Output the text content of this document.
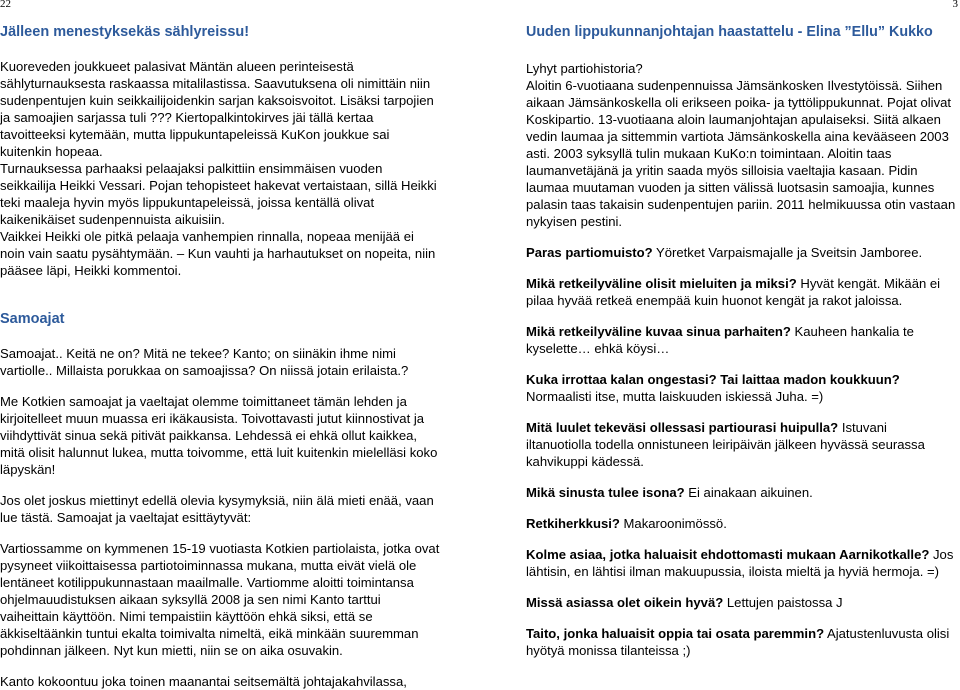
22	3
Jälleen menestyksekäs sählyreissu!

Kuoreveden joukkueet palasivat Mäntän alueen perinteisestä sählyturnauksesta raskaassa mitalilastissa. Saavutuksena oli nimittäin niin sudenpentujen kuin seikkailijoidenkin sarjan kaksoisvoitot. Lisäksi tarpojien ja samoajien sarjassa tuli ??? Kiertopalkintokirves jäi tällä kertaa tavoitteeksi kytemään, mutta lippukuntapeleissä KuKon joukkue sai kuitenkin hopeaa.

Turnauksessa parhaaksi pelaajaksi palkittiin ensimmäisen vuoden seikkailija Heikki Vessari. Pojan tehopisteet hakevat vertaistaan, sillä Heikki teki maaleja hyvin myös lippukuntapeleissä, joissa kentällä olivat kaikenikäiset sudenpennuista aikuisiin.

Vaikkei Heikki ole pitkä pelaaja vanhempien rinnalla, nopeaa menijää ei noin vain saatu pysähtymään. – Kun vauhti ja harhautukset on nopeita, niin pääsee läpi, Heikki kommentoi.

Samoajat

Samoajat.. Keitä ne on? Mitä ne tekee? Kanto; on siinäkin ihme nimi vartiolle.. Millaista porukkaa on samoajissa? On niissä jotain erilaista.?

Me Kotkien samoajat ja vaeltajat olemme toimittaneet tämän lehden ja kirjoitelleet muun muassa eri ikäkausista. Toivottavasti jutut kiinnostivat ja viihdyttivät sinua sekä pitivät paikkansa. Lehdessä ei ehkä ollut kaikkea, mitä olisit halunnut lukea, mutta toivomme, että luit kuitenkin mielelläsi koko läpyskän!

Jos olet joskus miettinyt edellä olevia kysymyksiä, niin älä mieti enää, vaan lue tästä. Samoajat ja vaeltajat esittäytyvät:

Vartiossamme on kymmenen 15-19 vuotiasta Kotkien partiolaista, jotka ovat pysyneet viikoittaisessa partiotoiminnassa mukana, mutta eivät vielä ole lentäneet kotilippukunnastaan maailmalle. Vartiomme aloitti toimintansa ohjelmauudistuksen aikaan syksyllä 2008 ja sen nimi Kanto tarttui vaiheittain käyttöön. Nimi tempaistiin käyttöön ehkä siksi, että se äkkiseltäänkin tuntui ekalta toimivalta nimeltä, eikä minkään suuremman pohdinnan jälkeen. Nyt kun mietti, niin se on aika osuvakin.

Kanto kokoontuu joka toinen maanantai seitsemältä johtajakahvilassa,

Uuden lippukunnanjohtajan haastattelu - Elina ”Ellu” Kukko

Lyhyt partiohistoria?

Aloitin 6-vuotiaana sudenpennuissa Jämsänkosken Ilvestytöissä. Siihen aikaan Jämsänkoskella oli erikseen poika- ja tyttölippukunnat. Pojat olivat Koskipartio. 13-vuotiaana aloin laumanjohtajan apulaiseksi. Siitä alkaen vedin laumaa ja sittemmin vartiota Jämsänkoskella aina kevääseen 2003 asti. 2003 syksyllä tulin mukaan KuKo:n toimintaan. Aloitin taas laumanvetäjänä ja yritin saada myös silloisia vaeltajia kasaan. Pidin laumaa muutaman vuoden ja sitten välissä luotsasin samoajia, kunnes palasin taas takaisin sudenpentujen pariin. 2011 helmikuussa otin vastaan nykyisen pestini.

Paras partiomuisto? Yöretket Varpaismajalle ja Sveitsin Jamboree.

Mikä retkeilyväline olisit mieluiten ja miksi? Hyvät kengät. Mikään ei pilaa hyvää retkeä enempää kuin huonot kengät ja rakot jaloissa.

Mikä retkeilyväline kuvaa sinua parhaiten? Kauheen hankalia te kyselette… ehkä köysi…

Kuka irrottaa kalan ongestasi? Tai laittaa madon koukkuun? Normaalisti itse, mutta laiskuuden iskiessä Juha. =)

Mitä luulet tekeväsi ollessasi partiourasi huipulla? Istuvani iltanuotiolla todella onnistuneen leiripäivän jälkeen hyvässä seurassa kahvikuppi kädessä.

Mikä sinusta tulee isona? Ei ainakaan aikuinen.

Retkiherkkusi? Makaroonimössö.

Kolme asiaa, jotka haluaisit ehdottomasti mukaan Aarnikotkalle? Jos lähtisin, en lähtisi ilman makuupussia, iloista mieltä ja hyviä hermoja. =)

Missä asiassa olet oikein hyvä? Lettujen paistossa J

Taito, jonka haluaisit oppia tai osata paremmin? Ajatustenluvusta olisi hyötyä monissa tilanteissa ;)
